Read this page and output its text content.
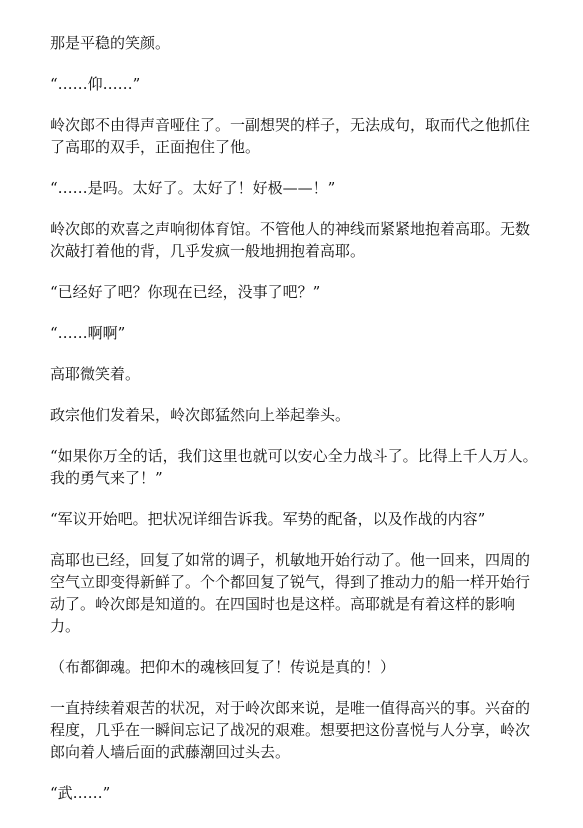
那是平稳的笑颜。

“……仰……”

岭次郎不由得声音哑住了。一副想哭的样子，无法成句，取而代之他抓住了高耶的双手，正面抱住了他。

“……是吗。太好了。太好了！好极——！”

岭次郎的欢喜之声响彻体育馆。不管他人的神线而紧紧地抱着高耶。无数次敲打着他的背，几乎发疯一般地拥抱着高耶。

“已经好了吧？你现在已经，没事了吧？”

“……啊啊”

高耶微笑着。

政宗他们发着呆，岭次郎猛然向上举起拳头。

“如果你万全的话，我们这里也就可以安心全力战斗了。比得上千人万人。我的勇气来了！”

“军议开始吧。把状况详细告诉我。军势的配备，以及作战的内容”

高耶也已经，回复了如常的调子，机敏地开始行动了。他一回来，四周的空气立即变得新鲜了。个个都回复了锐气，得到了推动力的船一样开始行动了。岭次郎是知道的。在四国时也是这样。高耶就是有着这样的影响力。

（布都御魂。把仰木的魂核回复了！传说是真的！）

一直持续着艰苦的状况，对于岭次郎来说，是唯一值得高兴的事。兴奋的程度，几乎在一瞬间忘记了战况的艰难。想要把这份喜悦与人分享，岭次郎向着人墙后面的武藤潮回过头去。

“武……”
